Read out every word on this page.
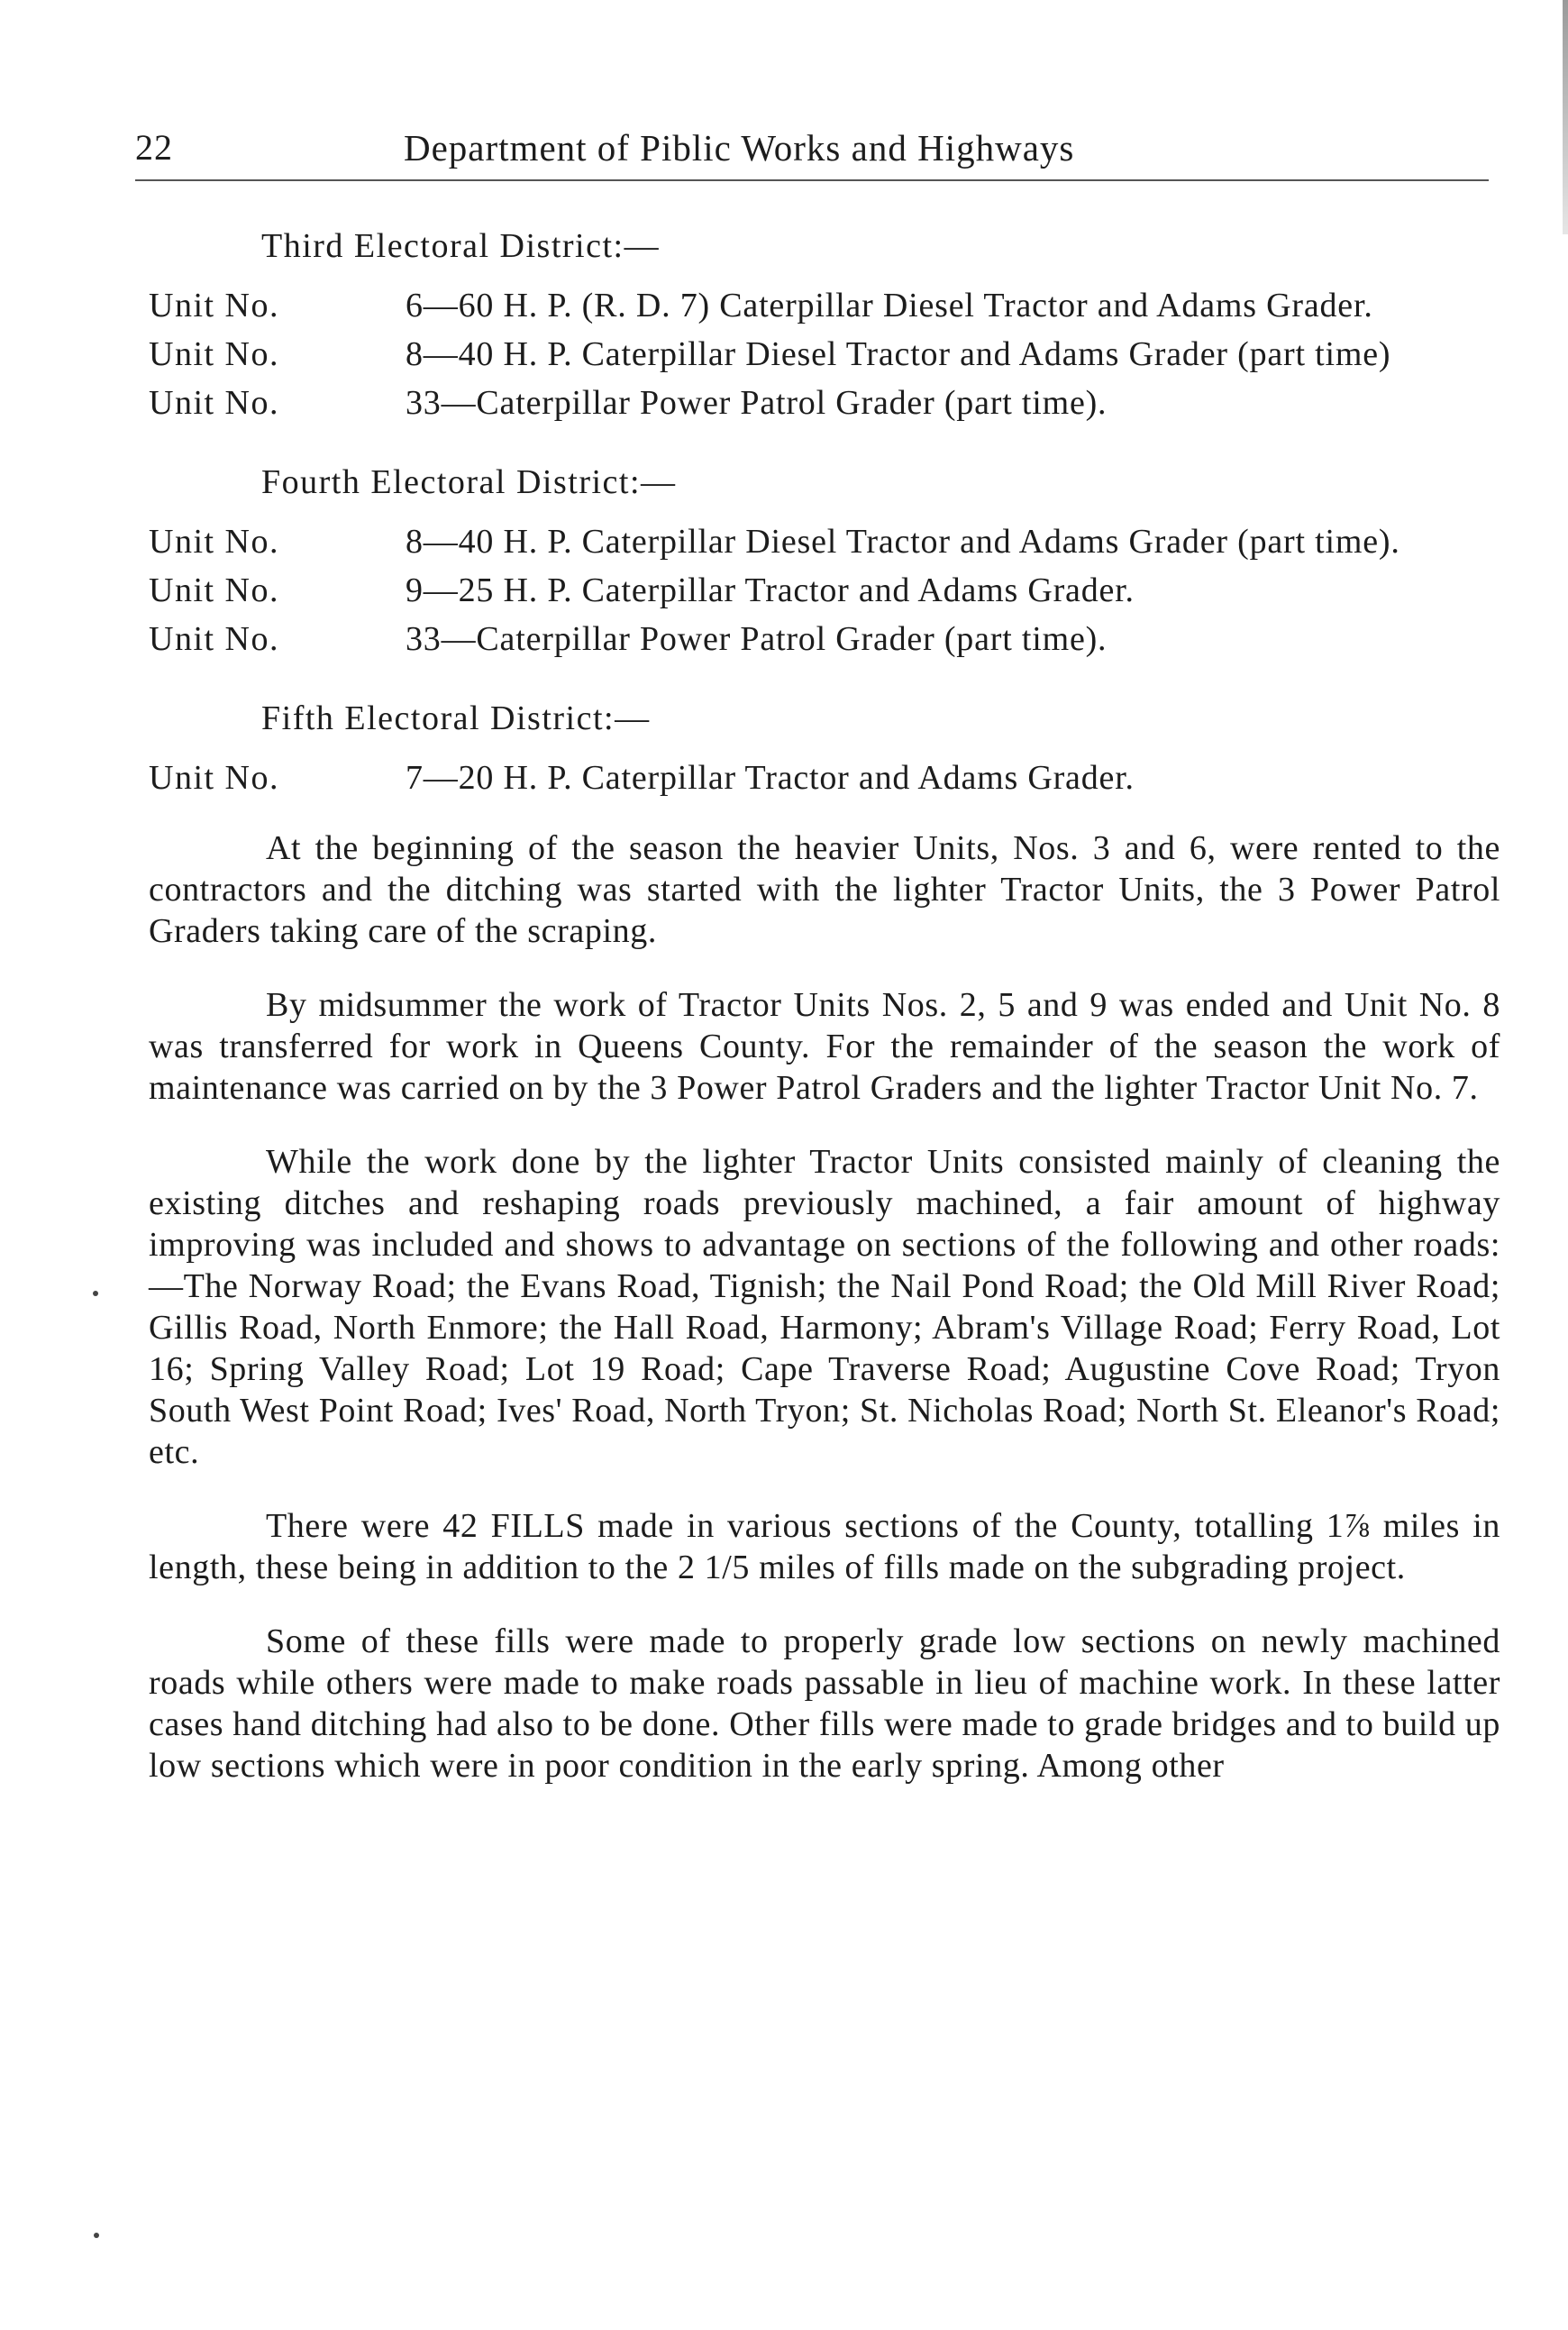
22	Department of Piblic Works and Highways
Third Electoral District:—
Unit No.	6—60 H. P. (R. D. 7) Caterpillar Diesel Tractor and Adams Grader.
Unit No.	8—40 H. P. Caterpillar Diesel Tractor and Adams Grader (part time)
Unit No.	33—Caterpillar Power Patrol Grader (part time).
Fourth Electoral District:—
Unit No.	8—40 H. P. Caterpillar Diesel Tractor and Adams Grader (part time).
Unit No.	9—25 H. P. Caterpillar Tractor and Adams Grader.
Unit No.	33—Caterpillar Power Patrol Grader (part time).
Fifth Electoral District:—
Unit No.	7—20 H. P. Caterpillar Tractor and Adams Grader.

At the beginning of the season the heavier Units, Nos. 3 and 6, were rented to the contractors and the ditching was started with the lighter Tractor Units, the 3 Power Patrol Graders taking care of the scraping.

By midsummer the work of Tractor Units Nos. 2, 5 and 9 was ended and Unit No. 8 was transferred for work in Queens County. For the remainder of the season the work of maintenance was carried on by the 3 Power Patrol Graders and the lighter Tractor Unit No. 7.

While the work done by the lighter Tractor Units consisted mainly of cleaning the existing ditches and reshaping roads previously machined, a fair amount of highway improving was included and shows to advantage on sections of the following and other roads:—The Norway Road; the Evans Road, Tignish; the Nail Pond Road; the Old Mill River Road; Gillis Road, North Enmore; the Hall Road, Harmony; Abram's Village Road; Ferry Road, Lot 16; Spring Valley Road; Lot 19 Road; Cape Traverse Road; Augustine Cove Road; Tryon South West Point Road; Ives' Road, North Tryon; St. Nicholas Road; North St. Eleanor's Road; etc.

There were 42 FILLS made in various sections of the County, totalling 1⅞ miles in length, these being in addition to the 2 1/5 miles of fills made on the subgrading project.

Some of these fills were made to properly grade low sections on newly machined roads while others were made to make roads passable in lieu of machine work. In these latter cases hand ditching had also to be done. Other fills were made to grade bridges and to build up low sections which were in poor condition in the early spring. Among other
